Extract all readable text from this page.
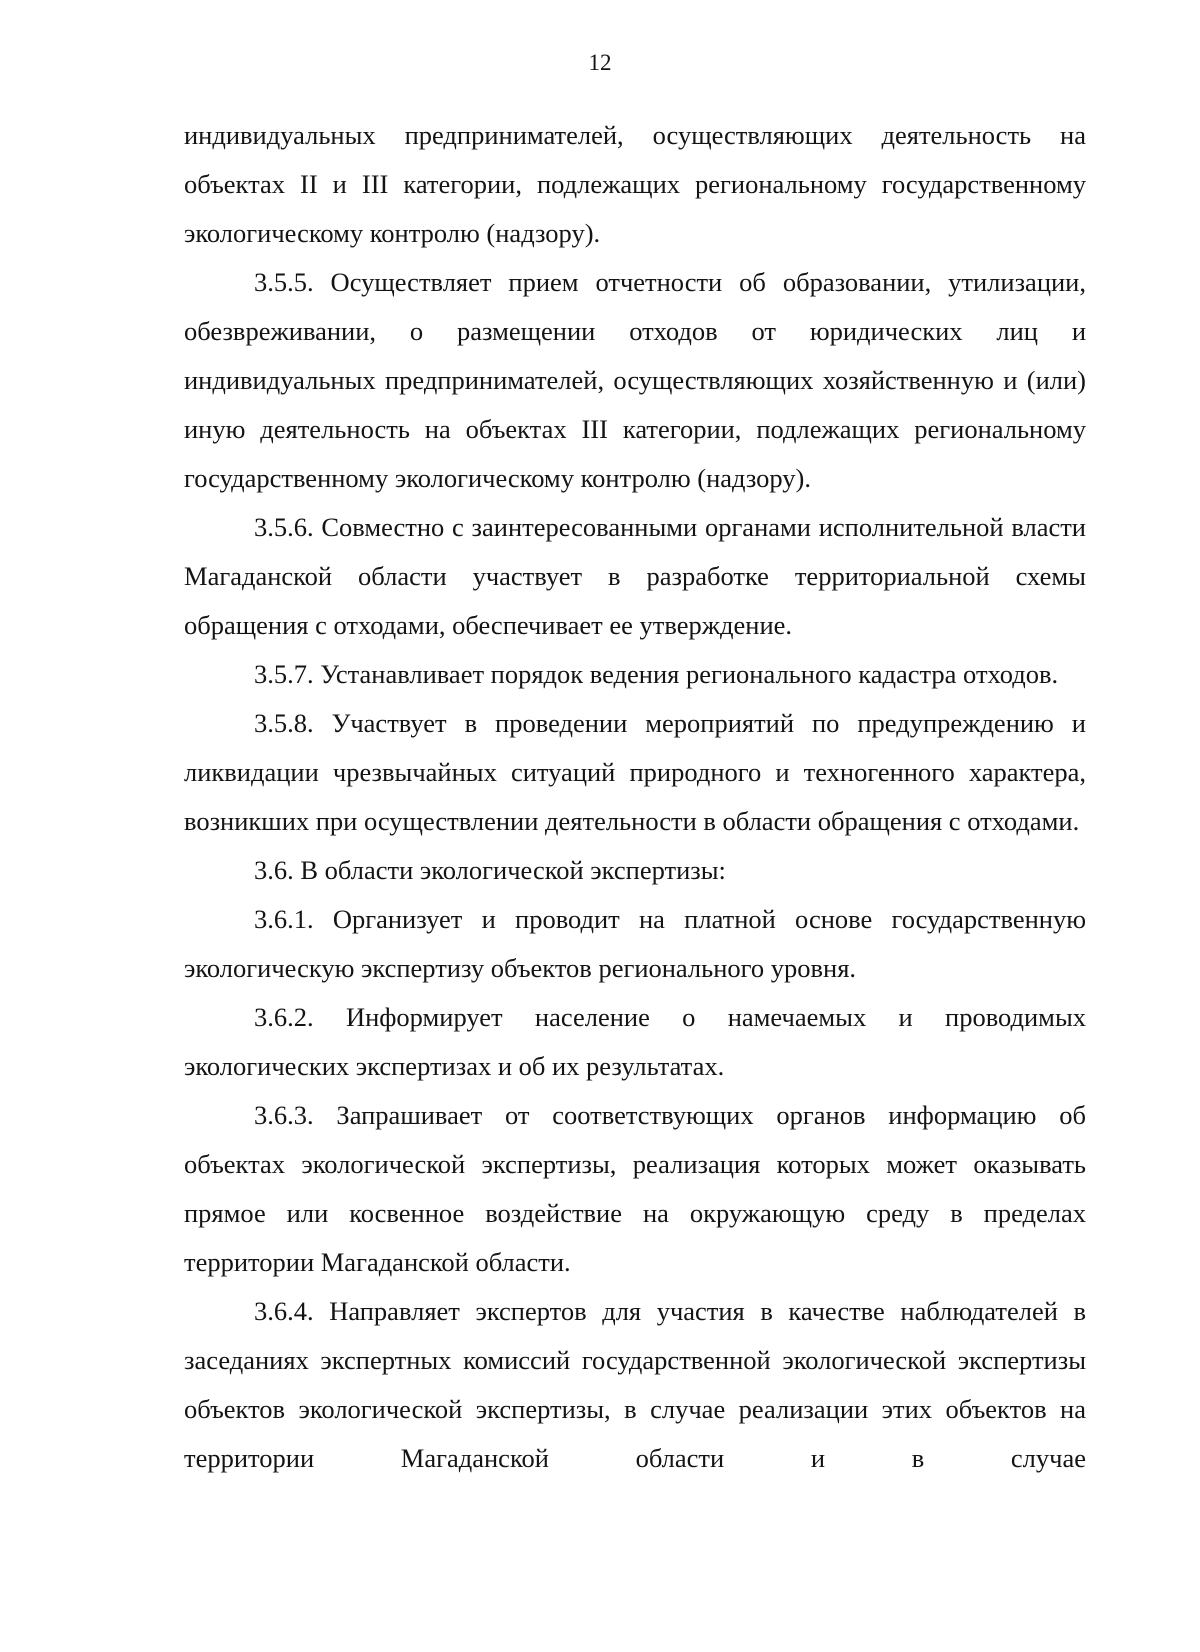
12

индивидуальных предпринимателей, осуществляющих деятельность на объектах II и III категории, подлежащих региональному государственному экологическому контролю (надзору).

3.5.5. Осуществляет прием отчетности об образовании, утилизации, обезвреживании, о размещении отходов от юридических лиц и индивидуальных предпринимателей, осуществляющих хозяйственную и (или) иную деятельность на объектах III категории, подлежащих региональному государственному экологическому контролю (надзору).

3.5.6. Совместно с заинтересованными органами исполнительной власти Магаданской области участвует в разработке территориальной схемы обращения с отходами, обеспечивает ее утверждение.

3.5.7. Устанавливает порядок ведения регионального кадастра отходов.

3.5.8. Участвует в проведении мероприятий по предупреждению и ликвидации чрезвычайных ситуаций природного и техногенного характера, возникших при осуществлении деятельности в области обращения с отходами.

3.6. В области экологической экспертизы:

3.6.1. Организует и проводит на платной основе государственную экологическую экспертизу объектов регионального уровня.

3.6.2. Информирует население о намечаемых и проводимых экологических экспертизах и об их результатах.

3.6.3. Запрашивает от соответствующих органов информацию об объектах экологической экспертизы, реализация которых может оказывать прямое или косвенное воздействие на окружающую среду в пределах территории Магаданской области.

3.6.4. Направляет экспертов для участия в качестве наблюдателей в заседаниях экспертных комиссий государственной экологической экспертизы объектов экологической экспертизы, в случае реализации этих объектов на территории Магаданской области и в случае
